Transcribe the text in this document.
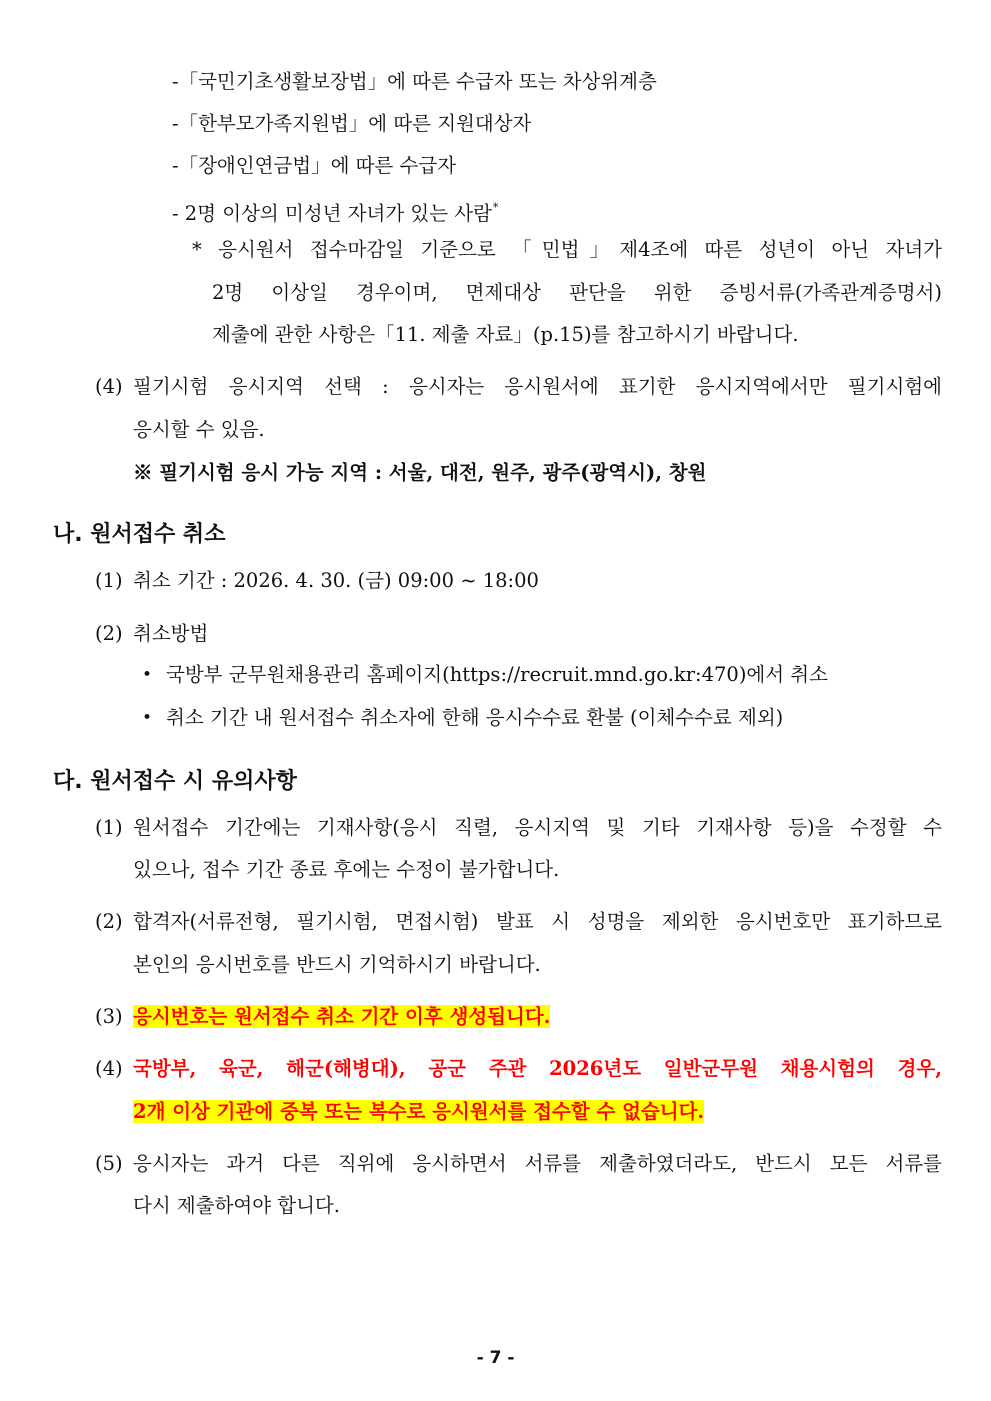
-「국민기초생활보장법」에 따른 수급자 또는 차상위계층
-「한부모가족지원법」에 따른 지원대상자
-「장애인연금법」에 따른 수급자
- 2명 이상의 미성년 자녀가 있는 사람*
* 응시원서 접수마감일 기준으로 「민법」제4조에 따른 성년이 아닌 자녀가
2명 이상일 경우이며, 면제대상 판단을 위한 증빙서류(가족관계증명서)
제출에 관한 사항은「11. 제출 자료」(p.15)를 참고하시기 바랍니다.
(4) 필기시험 응시지역 선택 : 응시자는 응시원서에 표기한 응시지역에서만 필기시험에
응시할 수 있음.
※ 필기시험 응시 가능 지역 : 서울, 대전, 원주, 광주(광역시), 창원
나. 원서접수 취소
(1) 취소 기간 : 2026. 4. 30. (금) 09:00 ~ 18:00
(2) 취소방법
• 국방부 군무원채용관리 홈페이지(https://recruit.mnd.go.kr:470)에서 취소
• 취소 기간 내 원서접수 취소자에 한해 응시수수료 환불 (이체수수료 제외)
다. 원서접수 시 유의사항
(1) 원서접수 기간에는 기재사항(응시 직렬, 응시지역 및 기타 기재사항 등)을 수정할 수
있으나, 접수 기간 종료 후에는 수정이 불가합니다.
(2) 합격자(서류전형, 필기시험, 면접시험) 발표 시 성명을 제외한 응시번호만 표기하므로
본인의 응시번호를 반드시 기억하시기 바랍니다.
(3) 응시번호는 원서접수 취소 기간 이후 생성됩니다.
(4) 국방부, 육군, 해군(해병대), 공군 주관 2026년도 일반군무원 채용시험의 경우,
2개 이상 기관에 중복 또는 복수로 응시원서를 접수할 수 없습니다.
(5) 응시자는 과거 다른 직위에 응시하면서 서류를 제출하였더라도, 반드시 모든 서류를
다시 제출하여야 합니다.
- 7 -
